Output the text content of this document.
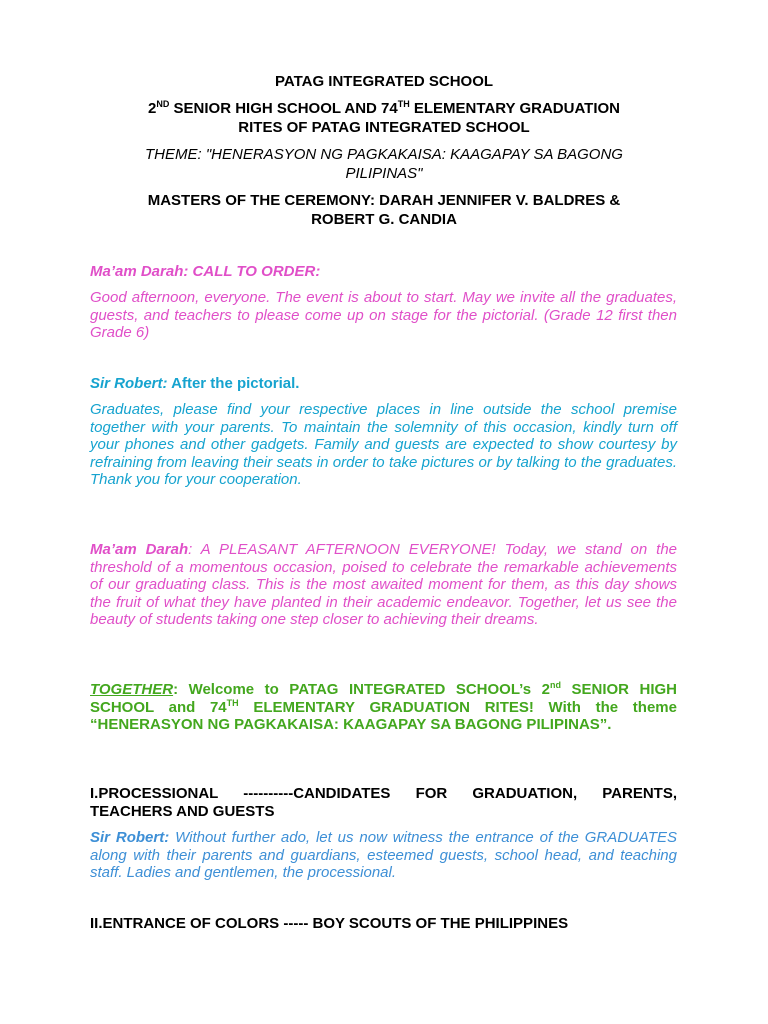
PATAG INTEGRATED SCHOOL
2ND SENIOR HIGH SCHOOL AND 74TH ELEMENTARY GRADUATION
RITES OF PATAG INTEGRATED SCHOOL
THEME: "HENERASYON NG PAGKAKAISA: KAAGAPAY SA BAGONG
PILIPINAS"
MASTERS OF THE CEREMONY: DARAH JENNIFER V. BALDRES &
ROBERT G. CANDIA
Ma’am Darah: CALL TO ORDER:
Good afternoon, everyone. The event is about to start. May we invite all the graduates, guests, and teachers to please come up on stage for the pictorial. (Grade 12 first then Grade 6)
Sir Robert: After the pictorial.
Graduates, please find your respective places in line outside the school premise together with your parents. To maintain the solemnity of this occasion, kindly turn off your phones and other gadgets. Family and guests are expected to show courtesy by refraining from leaving their seats in order to take pictures or by talking to the graduates. Thank you for your cooperation.
Ma’am Darah: A PLEASANT AFTERNOON EVERYONE! Today, we stand on the threshold of a momentous occasion, poised to celebrate the remarkable achievements of our graduating class. This is the most awaited moment for them, as this day shows the fruit of what they have planted in their academic endeavor. Together, let us see the beauty of students taking one step closer to achieving their dreams.
TOGETHER: Welcome to PATAG INTEGRATED SCHOOL’s 2nd SENIOR HIGH SCHOOL and 74TH ELEMENTARY GRADUATION RITES! With the theme “HENERASYON NG PAGKAKAISA: KAAGAPAY SA BAGONG PILIPINAS”.
I.PROCESSIONAL ----------CANDIDATES FOR GRADUATION, PARENTS, TEACHERS AND GUESTS
Sir Robert: Without further ado, let us now witness the entrance of the GRADUATES along with their parents and guardians, esteemed guests, school head, and teaching staff. Ladies and gentlemen, the processional.
II.ENTRANCE OF COLORS ----- BOY SCOUTS OF THE PHILIPPINES
